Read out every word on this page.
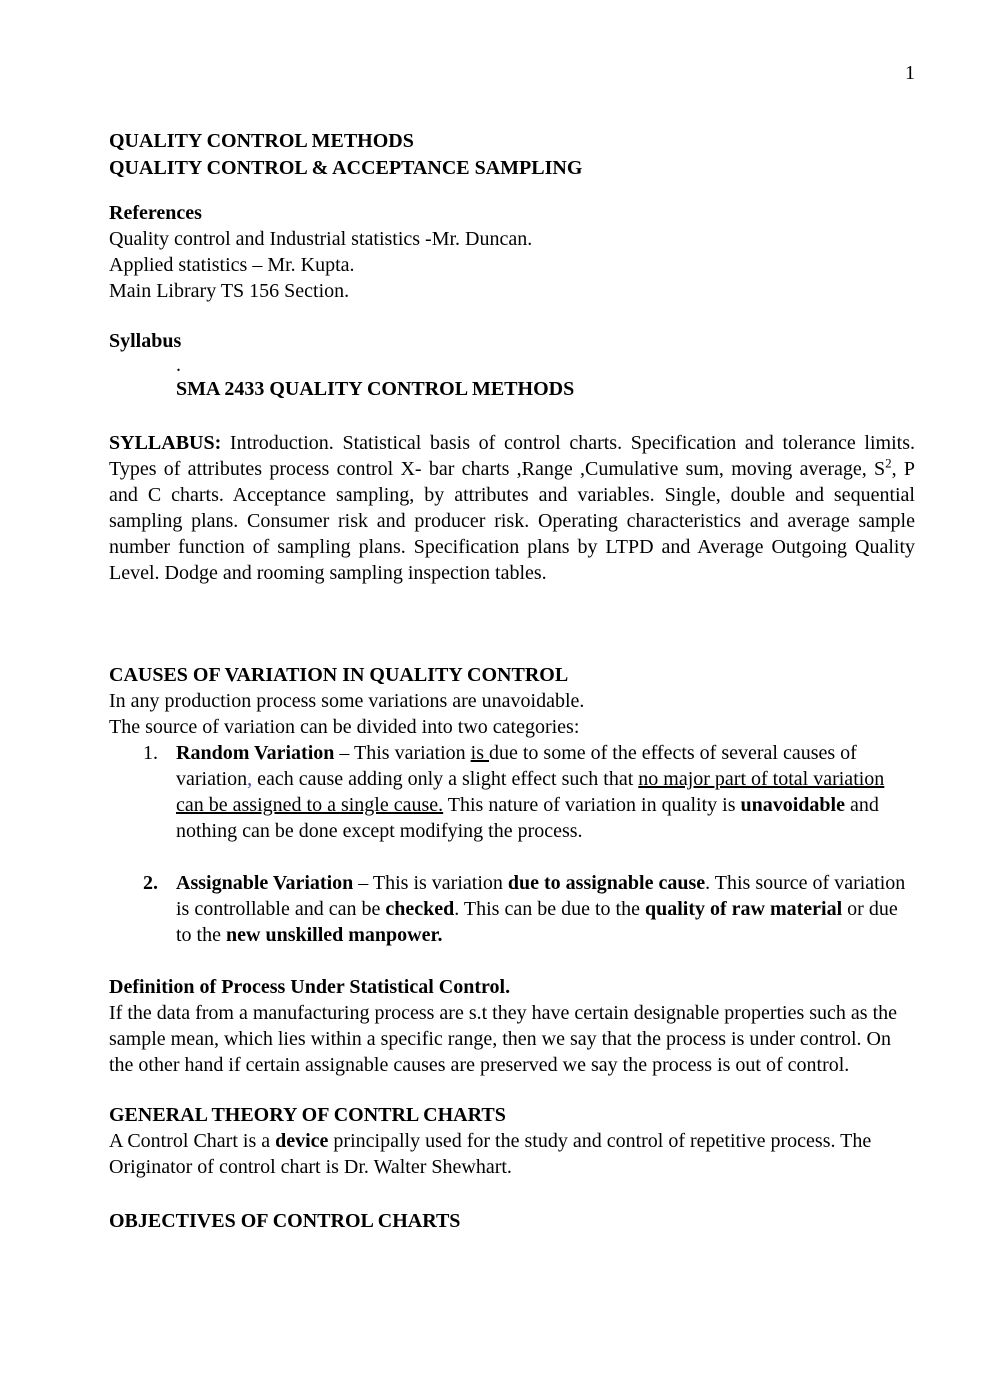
1
QUALITY CONTROL METHODS
QUALITY CONTROL & ACCEPTANCE SAMPLING
References
Quality control and Industrial statistics -Mr. Duncan.
Applied statistics – Mr. Kupta.
Main Library TS 156 Section.
Syllabus
.
SMA 2433 QUALITY CONTROL METHODS

SYLLABUS: Introduction. Statistical basis of control charts. Specification and tolerance limits. Types of attributes process control X- bar charts ,Range ,Cumulative sum, moving average, $S^2$, P and C charts. Acceptance sampling, by attributes and variables. Single, double and sequential sampling plans. Consumer risk and producer risk. Operating characteristics and average sample number function of sampling plans. Specification plans by LTPD and Average Outgoing Quality Level. Dodge and rooming sampling inspection tables.

CAUSES OF VARIATION IN QUALITY CONTROL
In any production process some variations are unavoidable.
The source of variation can be divided into two categories:
1. Random Variation – This variation is due to some of the effects of several causes of variation, each cause adding only a slight effect such that no major part of total variation can be assigned to a single cause. This nature of variation in quality is unavoidable and nothing can be done except modifying the process.
2. Assignable Variation – This is variation due to assignable cause. This source of variation is controllable and can be checked. This can be due to the quality of raw material or due to the new unskilled manpower.
Definition of Process Under Statistical Control.
If the data from a manufacturing process are s.t they have certain designable properties such as the sample mean, which lies within a specific range, then we say that the process is under control. On the other hand if certain assignable causes are preserved we say the process is out of control.
GENERAL THEORY OF CONTRL CHARTS
A Control Chart is a device principally used for the study and control of repetitive process. The Originator of control chart is Dr. Walter Shewhart.
OBJECTIVES OF CONTROL CHARTS
